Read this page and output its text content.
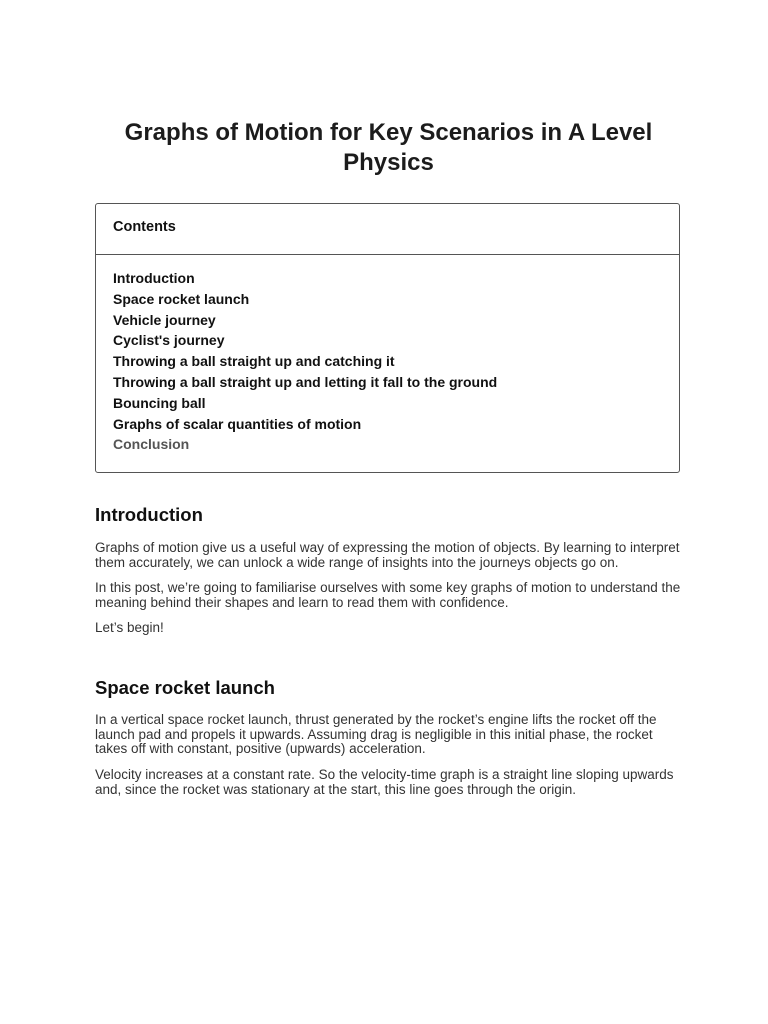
Graphs of Motion for Key Scenarios in A Level Physics
Contents
Introduction
Space rocket launch
Vehicle journey
Cyclist's journey
Throwing a ball straight up and catching it
Throwing a ball straight up and letting it fall to the ground
Bouncing ball
Graphs of scalar quantities of motion
Conclusion
Introduction

Graphs of motion give us a useful way of expressing the motion of objects. By learning to interpret them accurately, we can unlock a wide range of insights into the journeys objects go on.

In this post, we’re going to familiarise ourselves with some key graphs of motion to understand the meaning behind their shapes and learn to read them with confidence.

Let’s begin!

Space rocket launch

In a vertical space rocket launch, thrust generated by the rocket’s engine lifts the rocket off the launch pad and propels it upwards. Assuming drag is negligible in this initial phase, the rocket takes off with constant, positive (upwards) acceleration.

Velocity increases at a constant rate. So the velocity-time graph is a straight line sloping upwards and, since the rocket was stationary at the start, this line goes through the origin.
